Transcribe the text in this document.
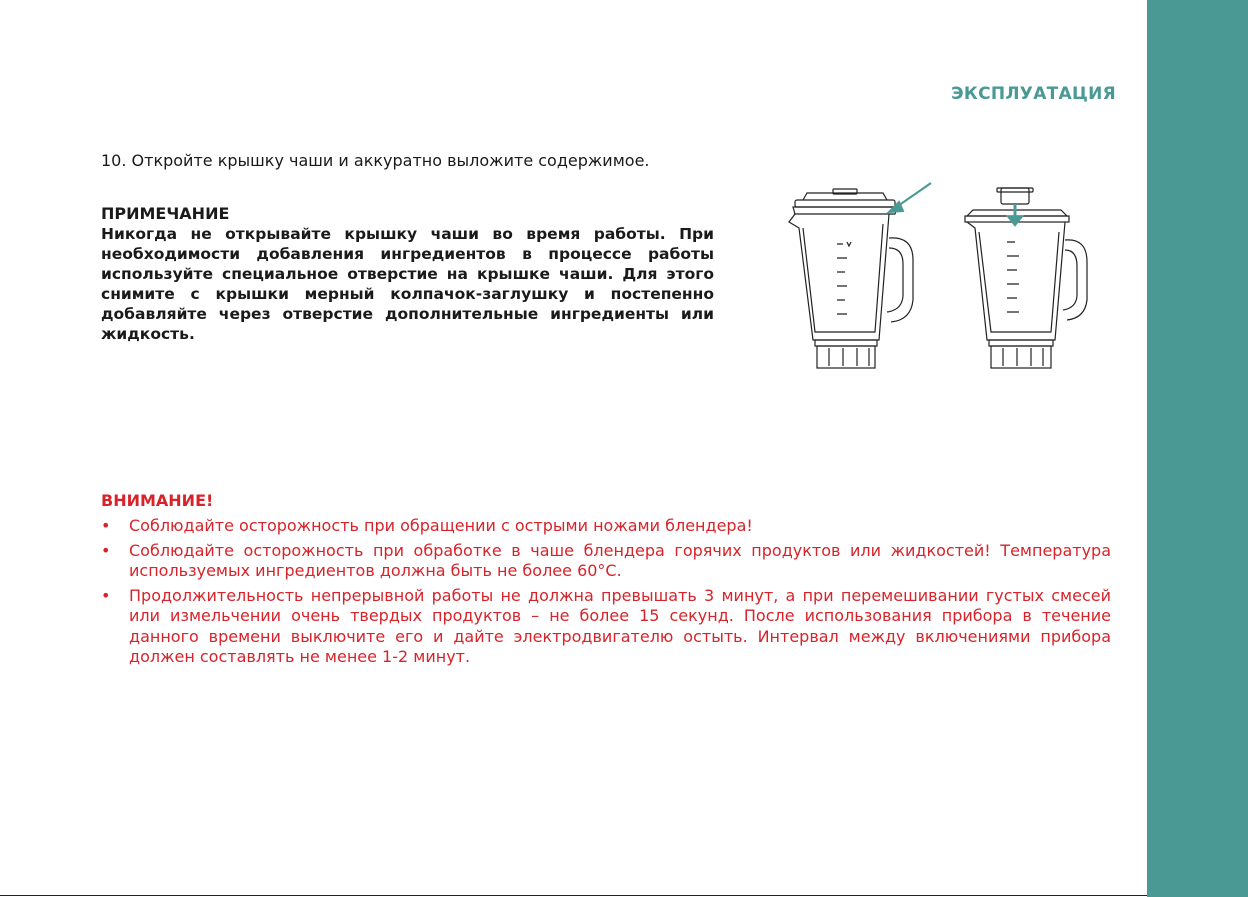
ЭКСПЛУАТАЦИЯ
10. Откройте крышку чаши и аккуратно выложите содержимое.
ПРИМЕЧАНИЕ
Никогда не открывайте крышку чаши во время работы. При необходимости добавления ингредиентов в процессе работы используйте специальное отверстие на крышке чаши. Для этого снимите с крышки мерный колпачок-заглушку и постепенно добавляйте через отверстие дополнительные ингредиенты или жидкость.
ВНИМАНИЕ!
• Соблюдайте осторожность при обращении с острыми ножами блендера!
• Соблюдайте осторожность при обработке в чаше блендера горячих продуктов или жидкостей! Температура используемых ингредиентов должна быть не более 60°С.
• Продолжительность непрерывной работы не должна превышать 3 минут, а при перемешивании густых смесей или измельчении очень твердых продуктов – не более 15 секунд. После использования прибора в течение данного времени выключите его и дайте электродвигателю остыть. Интервал между включениями прибора должен составлять не менее 1-2 минут.
